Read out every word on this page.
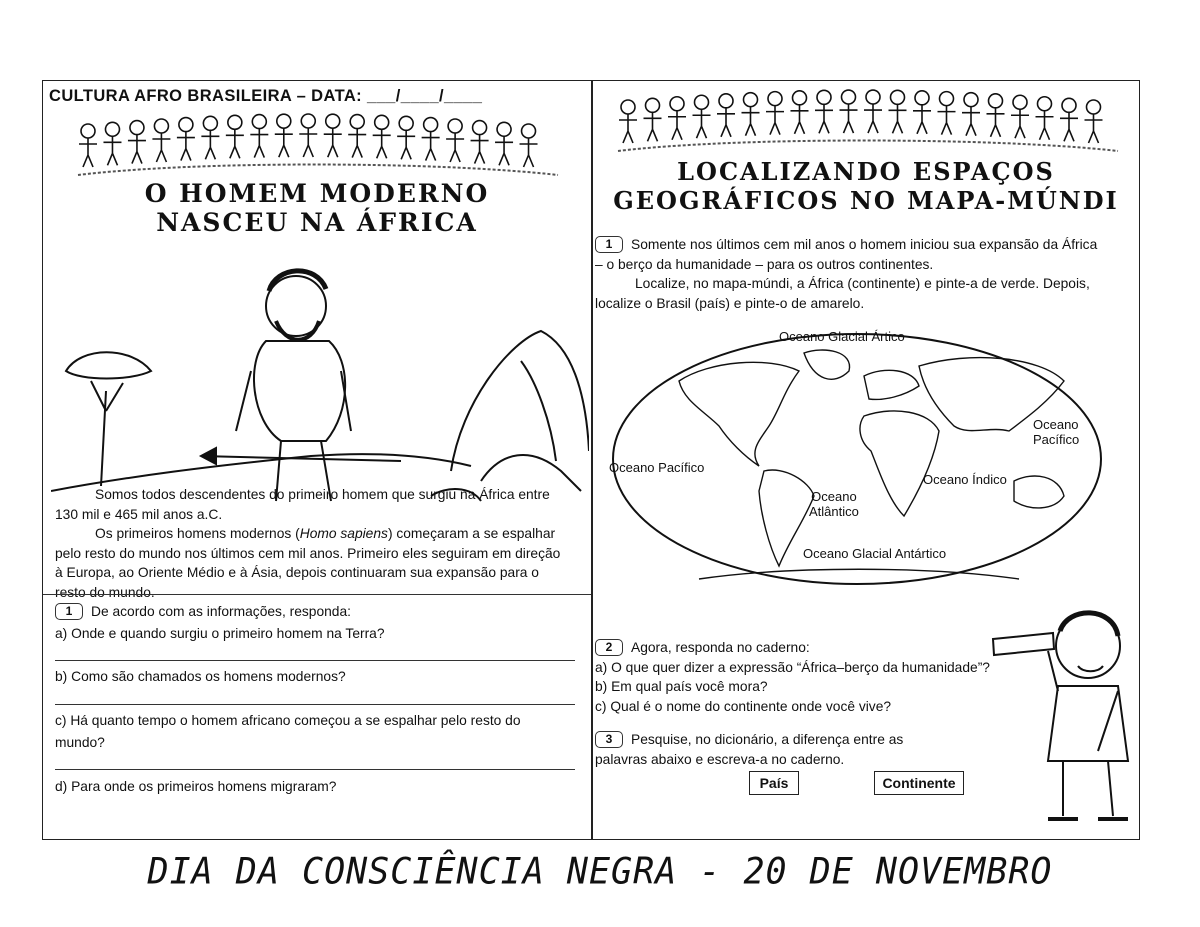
CULTURA AFRO BRASILEIRA – DATA: ___/____/____
O HOMEM MODERNO
NASCEU NA ÁFRICA
Somos todos descendentes do primeiro homem que surgiu na África entre
130 mil e 465 mil anos a.C.
Os primeiros homens modernos (Homo sapiens) começaram a se espalhar
pelo resto do mundo nos últimos cem mil anos. Primeiro eles seguiram em direção
à Europa, ao Oriente Médio e à Ásia, depois continuaram sua expansão para o
resto do mundo.
1 De acordo com as informações, responda:
a) Onde e quando surgiu o primeiro homem na Terra?
b) Como são chamados os homens modernos?
c) Há quanto tempo o homem africano começou a se espalhar pelo resto do
mundo?
d) Para onde os primeiros homens migraram?
LOCALIZANDO ESPAÇOS
GEOGRÁFICOS NO MAPA-MÚNDI
1 Somente nos últimos cem mil anos o homem iniciou sua expansão da África
– o berço da humanidade – para os outros continentes.
Localize, no mapa-múndi, a África (continente) e pinte-a de verde. Depois,
localize o Brasil (país) e pinte-o de amarelo.
Oceano Glacial Ártico
Oceano Pacífico
Oceano
Pacífico
Oceano
Atlântico
Oceano Índico
Oceano Glacial Antártico
2 Agora, responda no caderno:
a) O que quer dizer a expressão “África–berço da humanidade”?
b) Em qual país você mora?
c) Qual é o nome do continente onde você vive?
3 Pesquise, no dicionário, a diferença entre as
palavras abaixo e escreva-a no caderno.
País	Continente
DIA DA CONSCIÊNCIA NEGRA - 20 DE NOVEMBRO
